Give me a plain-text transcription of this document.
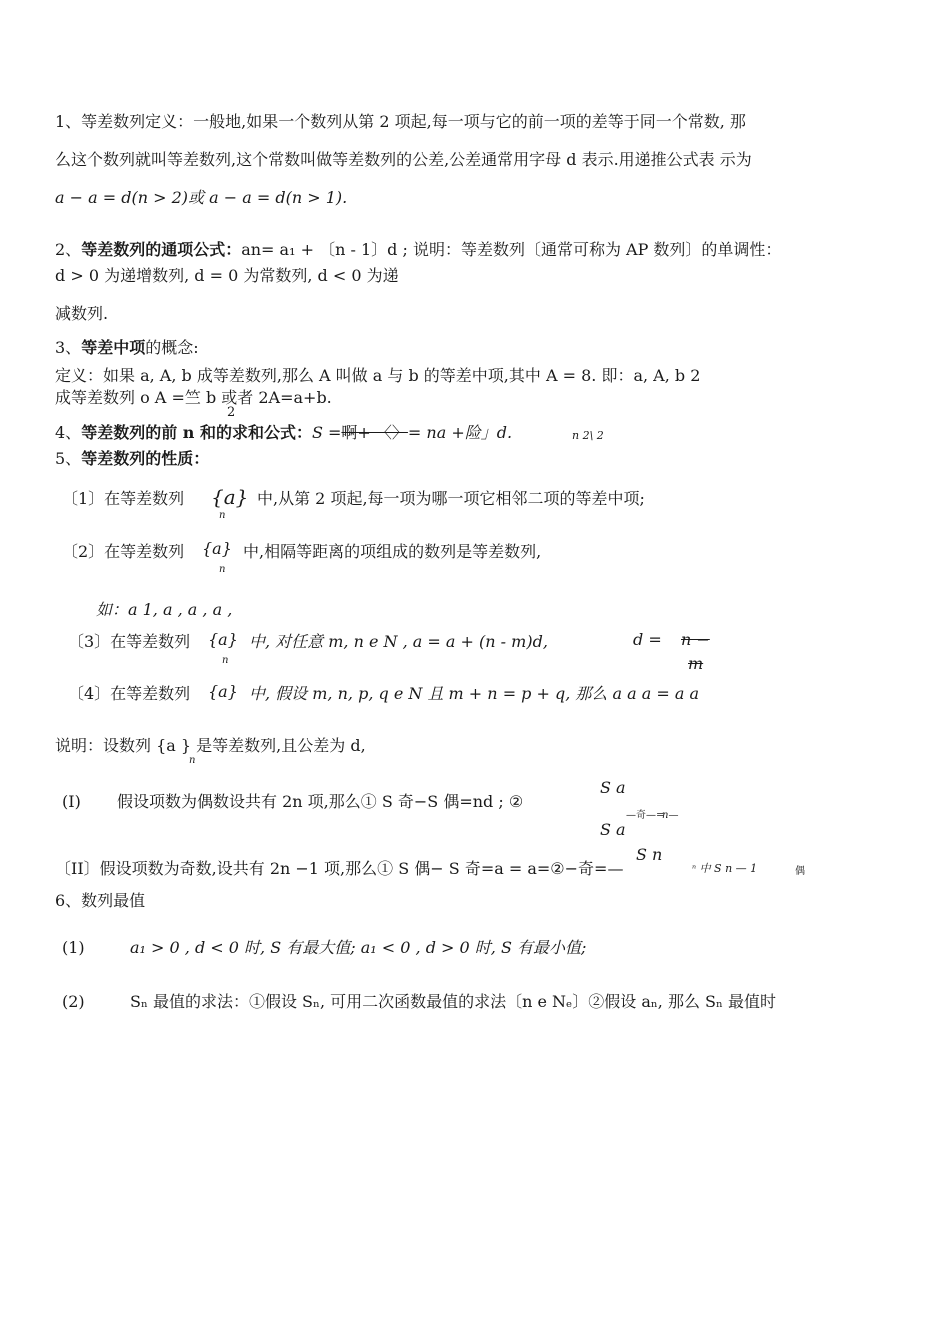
1、等差数列定义：一般地,如果一个数列从第 2 项起,每一项与它的前一项的差等于同一个常数, 那
么这个数列就叫等差数列,这个常数叫做等差数列的公差,公差通常用字母 d 表示.用递推公式表 示为
a − a = d(n > 2)或 a − a = d(n > 1).
2、等差数列的通项公式：an= a₁ + 〔n - 1〕d ; 说明：等差数列〔通常可称为 AP 数列〕的单调性：
d > 0 为递增数列, d = 0 为常数列, d < 0 为递
减数列.
3、等差中项的概念:
定义：如果 a, A, b 成等差数列,那么 A 叫做 a 与 b 的等差中项,其中 A = 8. 即：a, A, b 2
成等差数列 o A =竺 b 或者 2A=a+b.
2
4、等差数列的前 n 和的求和公式：S =啊+ 〈〉= na +险」d.	n 2\ 2
5、等差数列的性质：
〔1〕在等差数列 {a}
n
中,从第 2 项起,每一项为哪一项它相邻二项的等差中项;
〔2〕在等差数列 {a}
n
中,相隔等距离的项组成的数列是等差数列,
如：a 1, a , a , a ,
〔3〕在等差数列 {a}
n
中, 对任意 m, n e N , a = a + (n - m)d,	d = n −
m
〔4〕在等差数列 {a} 中, 假设 m, n, p, q e N 且 m + n = p + q, 那么 a a a = a a
说明：设数列 {a } 是等差数列,且公差为 d,
n
(I) 假设项数为偶数设共有 2n 项,那么① S 奇−S 偶=nd ; ②
S a
—奇—=
n—
S a
S n
〔II〕假设项数为奇数,设共有 2n −1 项,那么① S 偶− S 奇=a = a=②−奇=—	ⁿ 中 S n — 1	偶
6、数列最值
(1)	a₁ > 0 , d < 0 时, S 有最大值; a₁ < 0 , d > 0 时, S 有最小值;
(2)	Sₙ 最值的求法：①假设 Sₙ, 可用二次函数最值的求法〔n e Nₑ〕②假设 aₙ, 那么 Sₙ 最值时
